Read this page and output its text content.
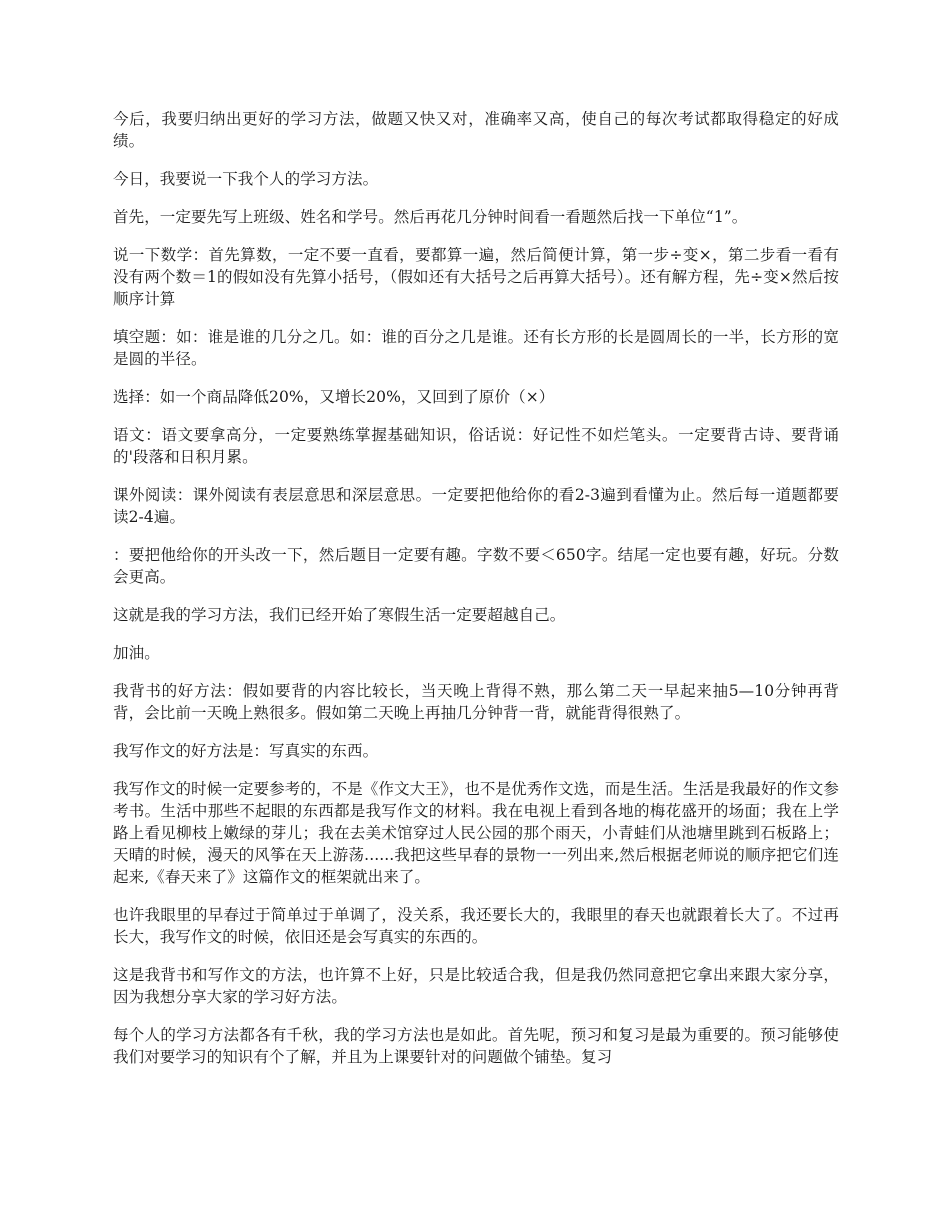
今后，我要归纳出更好的学习方法，做题又快又对，准确率又高，使自己的每次考试都取得稳定的好成绩。

今日，我要说一下我个人的学习方法。

首先，一定要先写上班级、姓名和学号。然后再花几分钟时间看一看题然后找一下单位“1”。

说一下数学：首先算数，一定不要一直看，要都算一遍，然后简便计算，第一步÷变×，第二步看一看有没有两个数＝1的假如没有先算小括号，（假如还有大括号之后再算大括号）。还有解方程，先÷变×然后按顺序计算

填空题：如：谁是谁的几分之几。如：谁的百分之几是谁。还有长方形的长是圆周长的一半，长方形的宽是圆的半径。

选择：如一个商品降低20%，又增长20%，又回到了原价（×）

语文：语文要拿高分，一定要熟练掌握基础知识，俗话说：好记性不如烂笔头。一定要背古诗、要背诵的'段落和日积月累。

课外阅读：课外阅读有表层意思和深层意思。一定要把他给你的看2-3遍到看懂为止。然后每一道题都要读2-4遍。

：要把他给你的开头改一下，然后题目一定要有趣。字数不要＜650字。结尾一定也要有趣，好玩。分数会更高。

这就是我的学习方法，我们已经开始了寒假生活一定要超越自己。

加油。

我背书的好方法：假如要背的内容比较长，当天晚上背得不熟，那么第二天一早起来抽5—10分钟再背背，会比前一天晚上熟很多。假如第二天晚上再抽几分钟背一背，就能背得很熟了。

我写作文的好方法是：写真实的东西。

我写作文的时候一定要参考的，不是《作文大王》，也不是优秀作文选，而是生活。生活是我最好的作文参考书。生活中那些不起眼的东西都是我写作文的材料。我在电视上看到各地的梅花盛开的场面；我在上学路上看见柳枝上嫩绿的芽儿；我在去美术馆穿过人民公园的那个雨天，小青蛙们从池塘里跳到石板路上；天晴的时候，漫天的风筝在天上游荡......我把这些早春的景物一一列出来,然后根据老师说的顺序把它们连起来,《春天来了》这篇作文的框架就出来了。

也许我眼里的早春过于简单过于单调了，没关系，我还要长大的，我眼里的春天也就跟着长大了。不过再长大，我写作文的时候，依旧还是会写真实的东西的。

这是我背书和写作文的方法，也许算不上好，只是比较适合我，但是我仍然同意把它拿出来跟大家分享，因为我想分享大家的学习好方法。

每个人的学习方法都各有千秋，我的学习方法也是如此。首先呢，预习和复习是最为重要的。预习能够使我们对要学习的知识有个了解，并且为上课要针对的问题做个铺垫。复习
